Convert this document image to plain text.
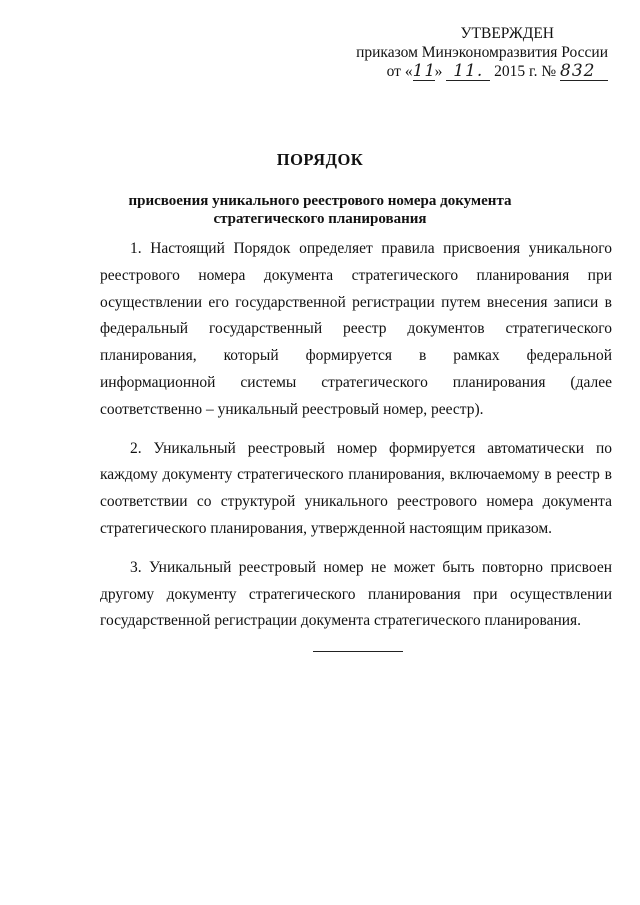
УТВЕРЖДЕН
приказом Минэкономразвития России
от «11» 11. 2015 г. № 832
ПОРЯДОК
присвоения уникального реестрового номера документа стратегического планирования

1. Настоящий Порядок определяет правила присвоения уникального реестрового номера документа стратегического планирования при осуществлении его государственной регистрации путем внесения записи в федеральный государственный реестр документов стратегического планирования, который формируется в рамках федеральной информационной системы стратегического планирования (далее соответственно – уникальный реестровый номер, реестр).

2. Уникальный реестровый номер формируется автоматически по каждому документу стратегического планирования, включаемому в реестр в соответствии со структурой уникального реестрового номера документа стратегического планирования, утвержденной настоящим приказом.

3. Уникальный реестровый номер не может быть повторно присвоен другому документу стратегического планирования при осуществлении государственной регистрации документа стратегического планирования.
